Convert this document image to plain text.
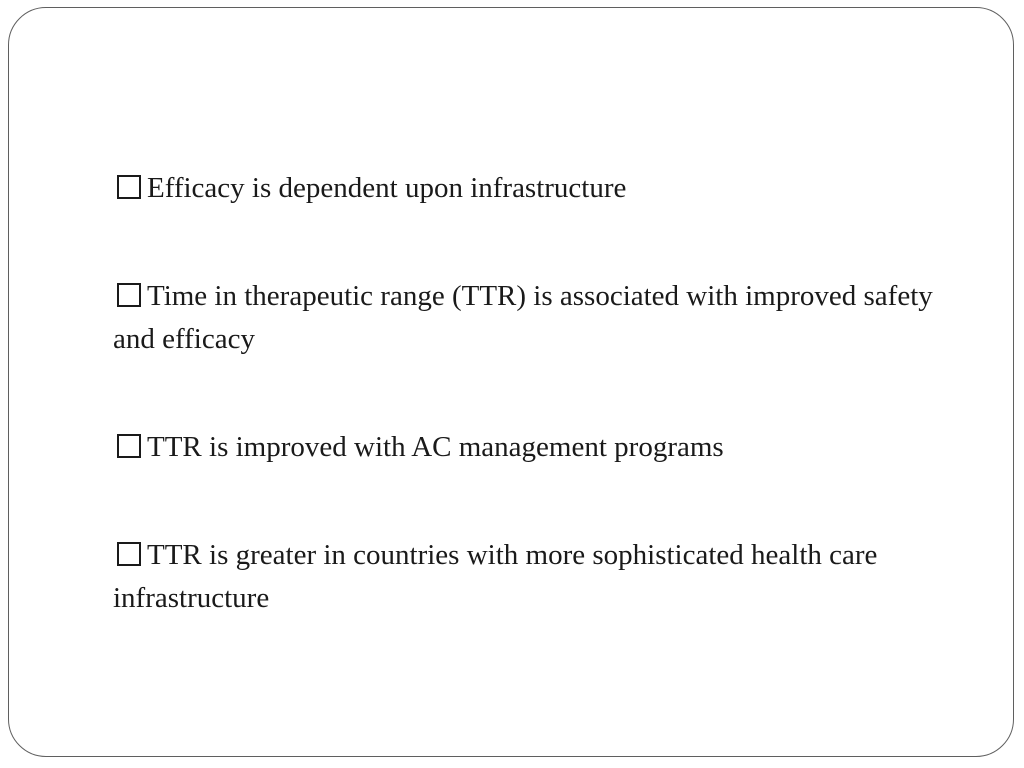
Efficacy is dependent upon infrastructure
Time in therapeutic range (TTR) is associated with improved safety and efficacy
TTR is improved with AC management programs
TTR is greater in countries with more sophisticated health care infrastructure
